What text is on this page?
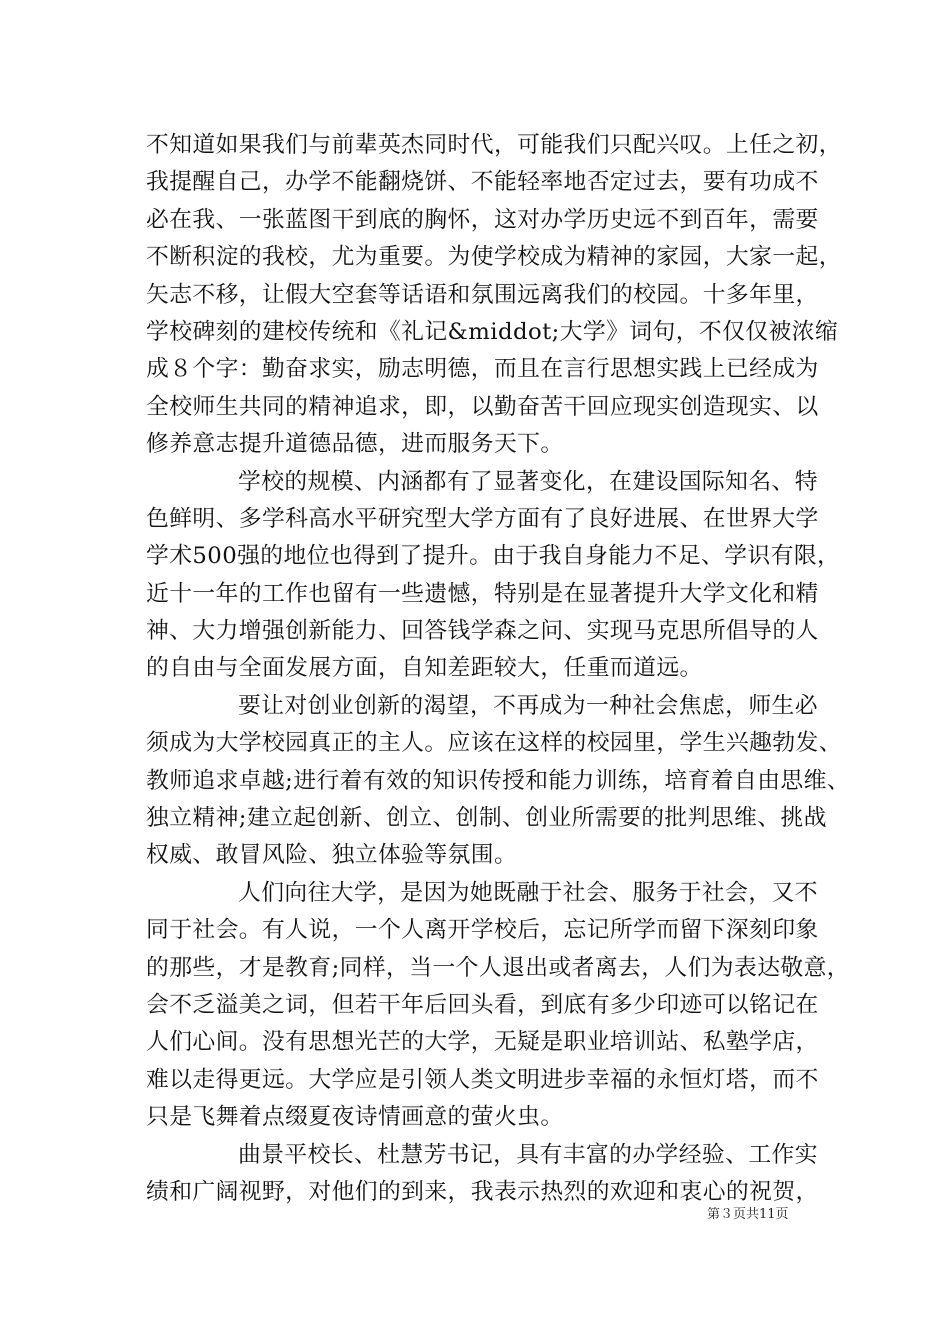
不知道如果我们与前辈英杰同时代，可能我们只配兴叹。上任之初，
我提醒自己，办学不能翻烧饼、不能轻率地否定过去，要有功成不
必在我、一张蓝图干到底的胸怀，这对办学历史远不到百年，需要
不断积淀的我校，尤为重要。为使学校成为精神的家园，大家一起，
矢志不移，让假大空套等话语和氛围远离我们的校园。十多年里，
学校碑刻的建校传统和《礼记&middot;大学》词句，不仅仅被浓缩
成８个字：勤奋求实，励志明德，而且在言行思想实践上已经成为
全校师生共同的精神追求，即，以勤奋苦干回应现实创造现实、以
修养意志提升道德品德，进而服务天下。
学校的规模、内涵都有了显著变化，在建设国际知名、特
色鲜明、多学科高水平研究型大学方面有了良好进展、在世界大学
学术500强的地位也得到了提升。由于我自身能力不足、学识有限，
近十一年的工作也留有一些遗憾，特别是在显著提升大学文化和精
神、大力增强创新能力、回答钱学森之问、实现马克思所倡导的人
的自由与全面发展方面，自知差距较大，任重而道远。
要让对创业创新的渴望，不再成为一种社会焦虑，师生必
须成为大学校园真正的主人。应该在这样的校园里，学生兴趣勃发、
教师追求卓越;进行着有效的知识传授和能力训练，培育着自由思维、
独立精神;建立起创新、创立、创制、创业所需要的批判思维、挑战
权威、敢冒风险、独立体验等氛围。
人们向往大学，是因为她既融于社会、服务于社会，又不
同于社会。有人说，一个人离开学校后，忘记所学而留下深刻印象
的那些，才是教育;同样，当一个人退出或者离去，人们为表达敬意，
会不乏溢美之词，但若干年后回头看，到底有多少印迹可以铭记在
人们心间。没有思想光芒的大学，无疑是职业培训站、私塾学店，
难以走得更远。大学应是引领人类文明进步幸福的永恒灯塔，而不
只是飞舞着点缀夏夜诗情画意的萤火虫。
曲景平校长、杜慧芳书记，具有丰富的办学经验、工作实
绩和广阔视野，对他们的到来，我表示热烈的欢迎和衷心的祝贺，
第３页共11页
